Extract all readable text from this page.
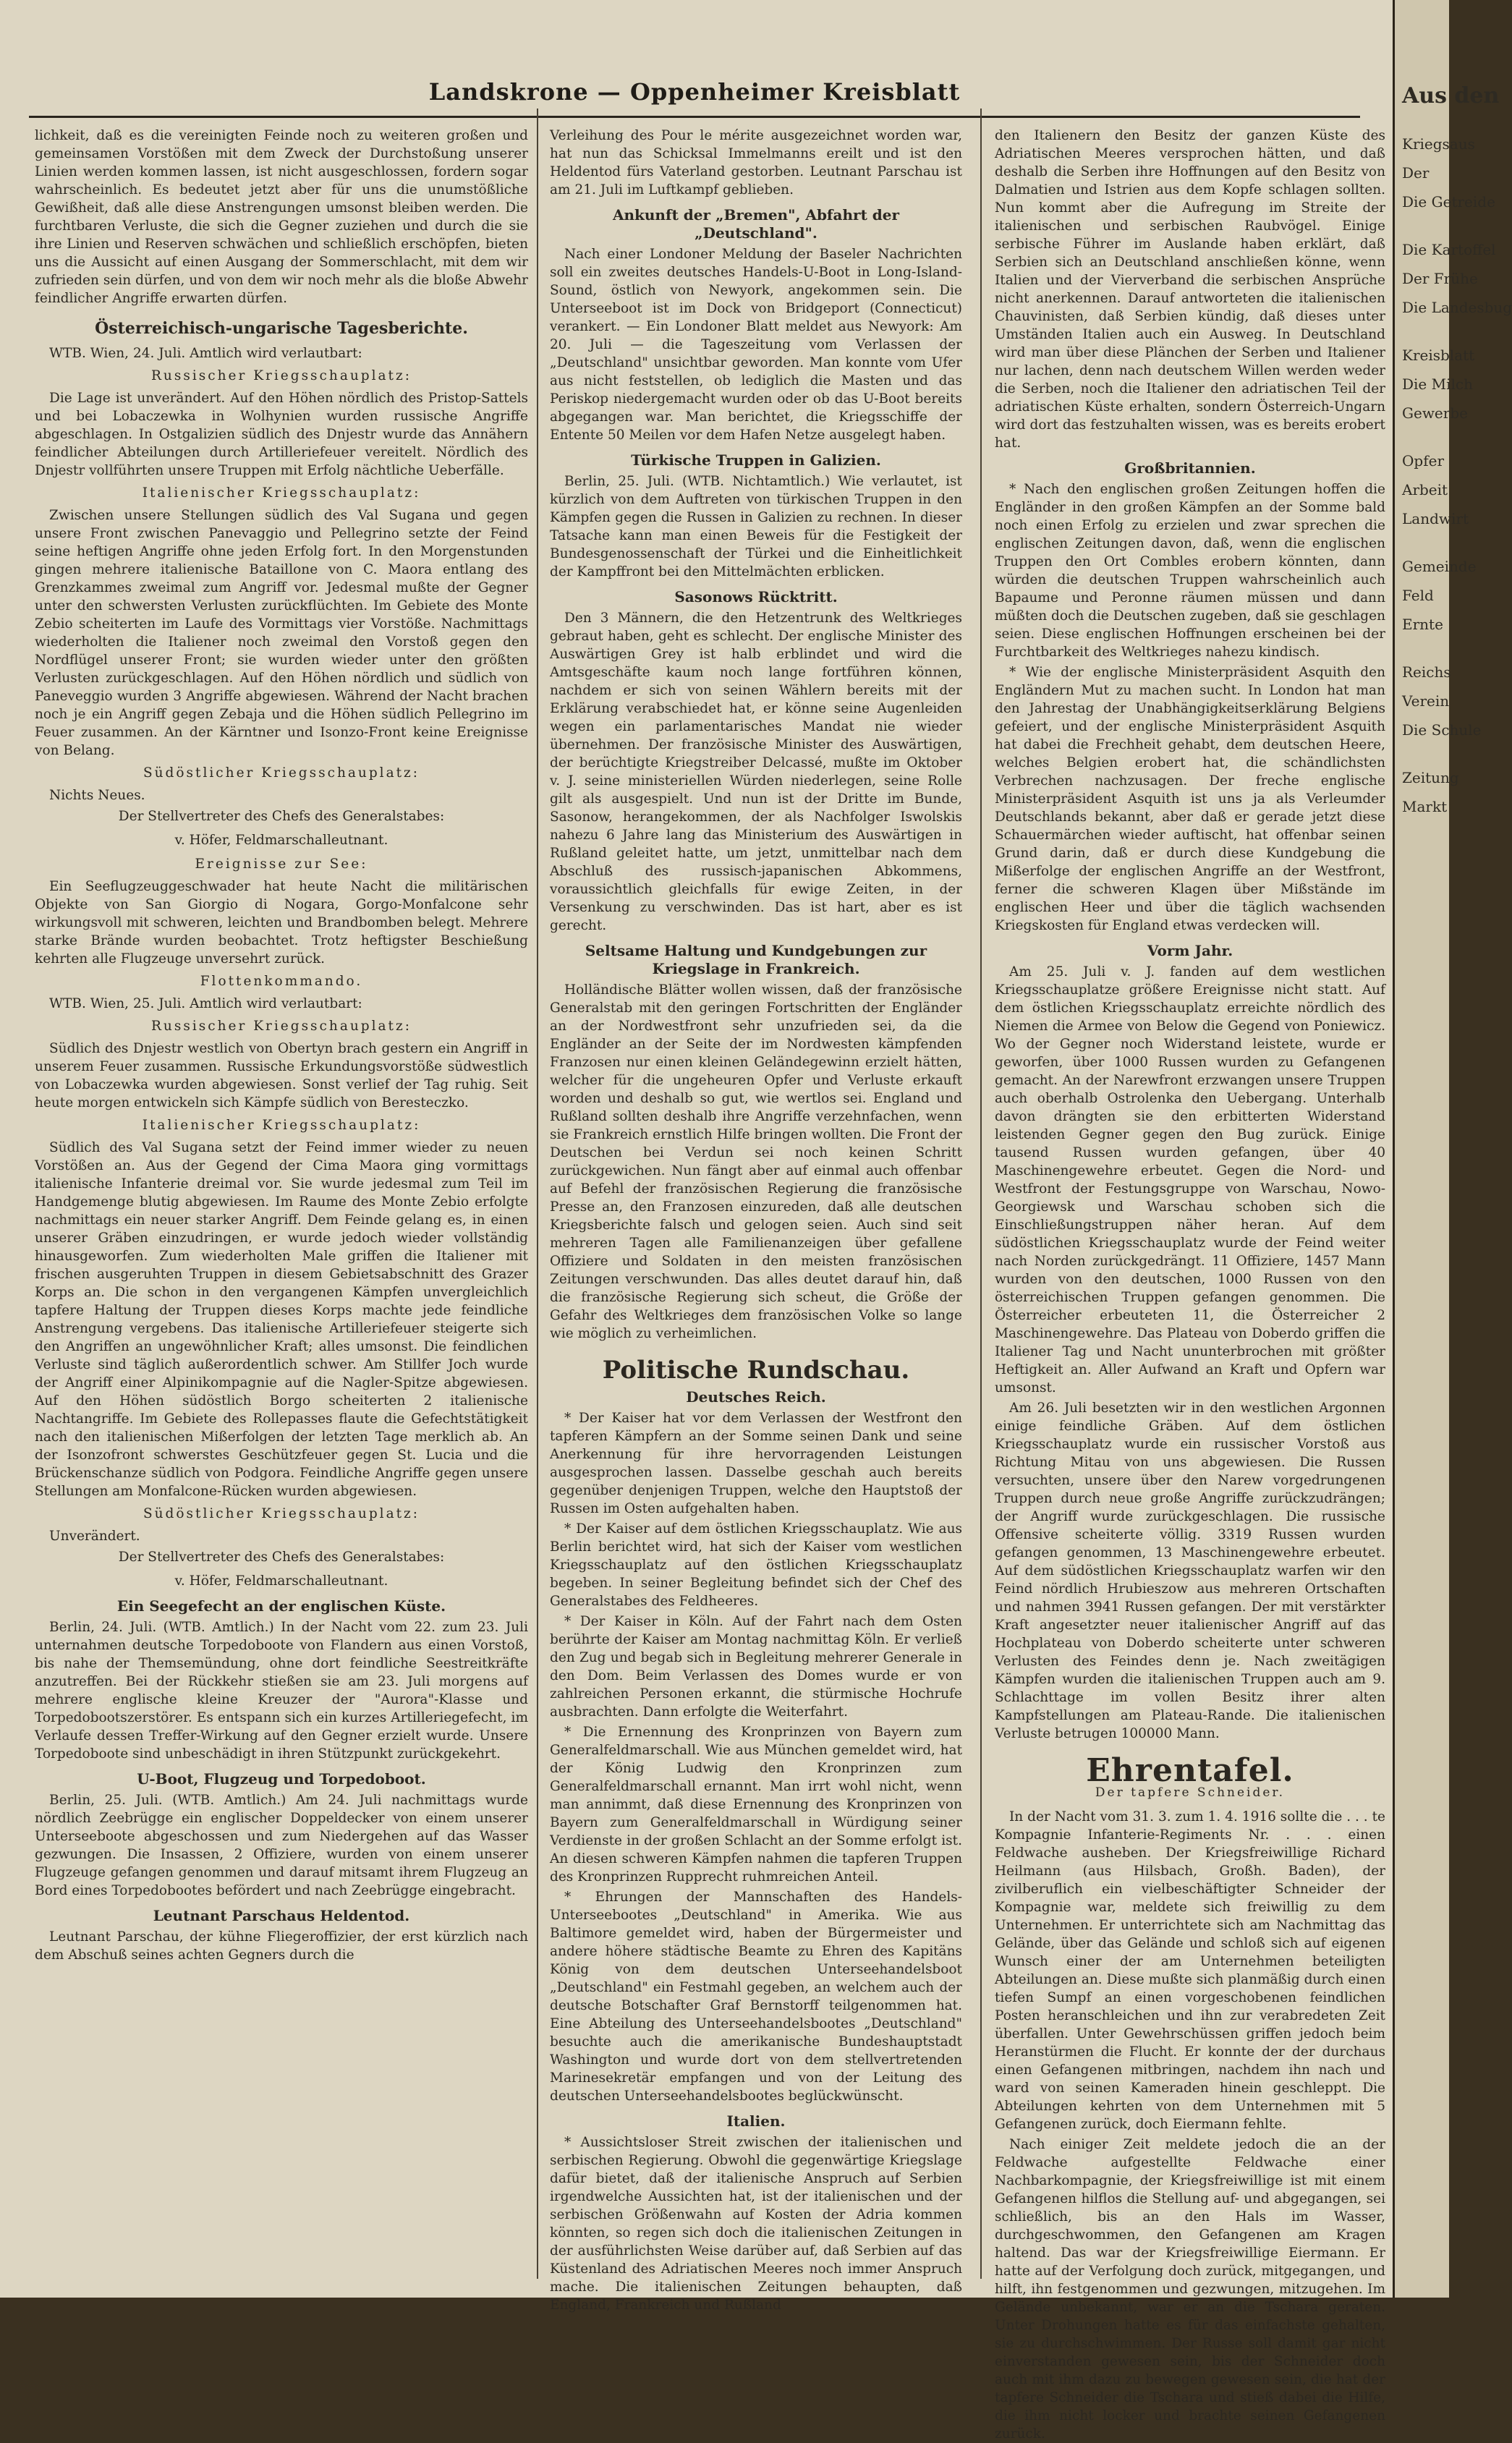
Landskrone — Oppenheimer Kreisblatt

lichkeit, daß es die vereinigten Feinde noch zu weiteren großen und gemeinsamen Vorstößen mit dem Zweck der Durchstoßung unserer Linien werden kommen lassen, ist nicht ausgeschlossen, fordern sogar wahrscheinlich. Es bedeutet jetzt aber für uns die unumstößliche Gewißheit, daß alle diese Anstrengungen umsonst bleiben werden. Die furchtbaren Verluste, die sich die Gegner zuziehen und durch die sie ihre Linien und Reserven schwächen und schließlich erschöpfen, bieten uns die Aussicht auf einen Ausgang der Sommerschlacht, mit dem wir zufrieden sein dürfen, und von dem wir noch mehr als die bloße Abwehr feindlicher Angriffe erwarten dürfen.

Österreichisch-ungarische Tagesberichte.

WTB. Wien, 24. Juli. Amtlich wird verlautbart:

Russischer Kriegsschauplatz:

Die Lage ist unverändert. Auf den Höhen nördlich des Pristop-Sattels und bei Lobaczewka in Wolhynien wurden russische Angriffe abgeschlagen. In Ostgalizien südlich des Dnjestr wurde das Annähern feindlicher Abteilungen durch Artilleriefeuer vereitelt. Nördlich des Dnjestr vollführten unsere Truppen mit Erfolg nächtliche Ueberfälle.

Italienischer Kriegsschauplatz:

Zwischen unsere Stellungen südlich des Val Sugana und gegen unsere Front zwischen Panevaggio und Pellegrino setzte der Feind seine heftigen Angriffe ohne jeden Erfolg fort. In den Morgenstunden gingen mehrere italienische Bataillone von C. Maora entlang des Grenzkammes zweimal zum Angriff vor. Jedesmal mußte der Gegner unter den schwersten Verlusten zurückflüchten. Im Gebiete des Monte Zebio scheiterten im Laufe des Vormittags vier Vorstöße. Nachmittags wiederholten die Italiener noch zweimal den Vorstoß gegen den Nordflügel unserer Front; sie wurden wieder unter den größten Verlusten zurückgeschlagen. Auf den Höhen nördlich und südlich von Paneveggio wurden 3 Angriffe abgewiesen. Während der Nacht brachen noch je ein Angriff gegen Zebaja und die Höhen südlich Pellegrino im Feuer zusammen. An der Kärntner und Isonzo-Front keine Ereignisse von Belang.

Südöstlicher Kriegsschauplatz:

Nichts Neues.

Der Stellvertreter des Chefs des Generalstabes:
v. Höfer, Feldmarschalleutnant.
Ereignisse zur See:

Ein Seeflugzeuggeschwader hat heute Nacht die militärischen Objekte von San Giorgio di Nogara, Gorgo-Monfalcone sehr wirkungsvoll mit schweren, leichten und Brandbomben belegt. Mehrere starke Brände wurden beobachtet. Trotz heftigster Beschießung kehrten alle Flugzeuge unversehrt zurück.

Flottenkommando.

WTB. Wien, 25. Juli. Amtlich wird verlautbart:

Russischer Kriegsschauplatz:

Südlich des Dnjestr westlich von Obertyn brach gestern ein Angriff in unserem Feuer zusammen. Russische Erkundungsvorstöße südwestlich von Lobaczewka wurden abgewiesen. Sonst verlief der Tag ruhig. Seit heute morgen entwickeln sich Kämpfe südlich von Beresteczko.

Italienischer Kriegsschauplatz:

Südlich des Val Sugana setzt der Feind immer wieder zu neuen Vorstößen an. Aus der Gegend der Cima Maora ging vormittags italienische Infanterie dreimal vor. Sie wurde jedesmal zum Teil im Handgemenge blutig abgewiesen. Im Raume des Monte Zebio erfolgte nachmittags ein neuer starker Angriff. Dem Feinde gelang es, in einen unserer Gräben einzudringen, er wurde jedoch wieder vollständig hinausgeworfen. Zum wiederholten Male griffen die Italiener mit frischen ausgeruhten Truppen in diesem Gebietsabschnitt des Grazer Korps an. Die schon in den vergangenen Kämpfen unvergleichlich tapfere Haltung der Truppen dieses Korps machte jede feindliche Anstrengung vergebens. Das italienische Artilleriefeuer steigerte sich den Angriffen an ungewöhnlicher Kraft; alles umsonst. Die feindlichen Verluste sind täglich außerordentlich schwer. Am Stillfer Joch wurde der Angriff einer Alpinikompagnie auf die Nagler-Spitze abgewiesen. Auf den Höhen südöstlich Borgo scheiterten 2 italienische Nachtangriffe. Im Gebiete des Rollepasses flaute die Gefechtstätigkeit nach den italienischen Mißerfolgen der letzten Tage merklich ab. An der Isonzofront schwerstes Geschützfeuer gegen St. Lucia und die Brückenschanze südlich von Podgora. Feindliche Angriffe gegen unsere Stellungen am Monfalcone-Rücken wurden abgewiesen.

Südöstlicher Kriegsschauplatz:

Unverändert.

Der Stellvertreter des Chefs des Generalstabes:
v. Höfer, Feldmarschalleutnant.
Ein Seegefecht an der englischen Küste.

Berlin, 24. Juli. (WTB. Amtlich.) In der Nacht vom 22. zum 23. Juli unternahmen deutsche Torpedoboote von Flandern aus einen Vorstoß, bis nahe der Themsemündung, ohne dort feindliche Seestreitkräfte anzutreffen. Bei der Rückkehr stießen sie am 23. Juli morgens auf mehrere englische kleine Kreuzer der "Aurora"-Klasse und Torpedobootszerstörer. Es entspann sich ein kurzes Artilleriegefecht, im Verlaufe dessen Treffer-Wirkung auf den Gegner erzielt wurde. Unsere Torpedoboote sind unbeschädigt in ihren Stützpunkt zurückgekehrt.

U-Boot, Flugzeug und Torpedoboot.

Berlin, 25. Juli. (WTB. Amtlich.) Am 24. Juli nachmittags wurde nördlich Zeebrügge ein englischer Doppeldecker von einem unserer Unterseeboote abgeschossen und zum Niedergehen auf das Wasser gezwungen. Die Insassen, 2 Offiziere, wurden von einem unserer Flugzeuge gefangen genommen und darauf mitsamt ihrem Flugzeug an Bord eines Torpedobootes befördert und nach Zeebrügge eingebracht.

Leutnant Parschaus Heldentod.

Leutnant Parschau, der kühne Fliegeroffizier, der erst kürzlich nach dem Abschuß seines achten Gegners durch die

Verleihung des Pour le mérite ausgezeichnet worden war, hat nun das Schicksal Immelmanns ereilt und ist den Heldentod fürs Vaterland gestorben. Leutnant Parschau ist am 21. Juli im Luftkampf geblieben.

Ankunft der „Bremen", Abfahrt der „Deutschland".

Nach einer Londoner Meldung der Baseler Nachrichten soll ein zweites deutsches Handels-U-Boot in Long-Island-Sound, östlich von Newyork, angekommen sein. Die Unterseeboot ist im Dock von Bridgeport (Connecticut) verankert. — Ein Londoner Blatt meldet aus Newyork: Am 20. Juli — die Tageszeitung vom Verlassen der „Deutschland" unsichtbar geworden. Man konnte vom Ufer aus nicht feststellen, ob lediglich die Masten und das Periskop niedergemacht wurden oder ob das U-Boot bereits abgegangen war. Man berichtet, die Kriegsschiffe der Entente 50 Meilen vor dem Hafen Netze ausgelegt haben.

Türkische Truppen in Galizien.

Berlin, 25. Juli. (WTB. Nichtamtlich.) Wie verlautet, ist kürzlich von dem Auftreten von türkischen Truppen in den Kämpfen gegen die Russen in Galizien zu rechnen. In dieser Tatsache kann man einen Beweis für die Festigkeit der Bundesgenossenschaft der Türkei und die Einheitlichkeit der Kampffront bei den Mittelmächten erblicken.

Sasonows Rücktritt.

Den 3 Männern, die den Hetzentrunk des Weltkrieges gebraut haben, geht es schlecht. Der englische Minister des Auswärtigen Grey ist halb erblindet und wird die Amtsgeschäfte kaum noch lange fortführen können, nachdem er sich von seinen Wählern bereits mit der Erklärung verabschiedet hat, er könne seine Augenleiden wegen ein parlamentarisches Mandat nie wieder übernehmen. Der französische Minister des Auswärtigen, der berüchtigte Kriegstreiber Delcassé, mußte im Oktober v. J. seine ministeriellen Würden niederlegen, seine Rolle gilt als ausgespielt. Und nun ist der Dritte im Bunde, Sasonow, herangekommen, der als Nachfolger Iswolskis nahezu 6 Jahre lang das Ministerium des Auswärtigen in Rußland geleitet hatte, um jetzt, unmittelbar nach dem Abschluß des russisch-japanischen Abkommens, voraussichtlich gleichfalls für ewige Zeiten, in der Versenkung zu verschwinden. Das ist hart, aber es ist gerecht.

Seltsame Haltung und Kundgebungen zur Kriegslage in Frankreich.

Holländische Blätter wollen wissen, daß der französische Generalstab mit den geringen Fortschritten der Engländer an der Nordwestfront sehr unzufrieden sei, da die Engländer an der Seite der im Nordwesten kämpfenden Franzosen nur einen kleinen Geländegewinn erzielt hätten, welcher für die ungeheuren Opfer und Verluste erkauft worden und deshalb so gut, wie wertlos sei. England und Rußland sollten deshalb ihre Angriffe verzehnfachen, wenn sie Frankreich ernstlich Hilfe bringen wollten. Die Front der Deutschen bei Verdun sei noch keinen Schritt zurückgewichen. Nun fängt aber auf einmal auch offenbar auf Befehl der französischen Regierung die französische Presse an, den Franzosen einzureden, daß alle deutschen Kriegsberichte falsch und gelogen seien. Auch sind seit mehreren Tagen alle Familienanzeigen über gefallene Offiziere und Soldaten in den meisten französischen Zeitungen verschwunden. Das alles deutet darauf hin, daß die französische Regierung sich scheut, die Größe der Gefahr des Weltkrieges dem französischen Volke so lange wie möglich zu verheimlichen.

Politische Rundschau.
Deutsches Reich.

* Der Kaiser hat vor dem Verlassen der Westfront den tapferen Kämpfern an der Somme seinen Dank und seine Anerkennung für ihre hervorragenden Leistungen ausgesprochen lassen. Dasselbe geschah auch bereits gegenüber denjenigen Truppen, welche den Hauptstoß der Russen im Osten aufgehalten haben.

* Der Kaiser auf dem östlichen Kriegsschauplatz. Wie aus Berlin berichtet wird, hat sich der Kaiser vom westlichen Kriegsschauplatz auf den östlichen Kriegsschauplatz begeben. In seiner Begleitung befindet sich der Chef des Generalstabes des Feldheeres.

* Der Kaiser in Köln. Auf der Fahrt nach dem Osten berührte der Kaiser am Montag nachmittag Köln. Er verließ den Zug und begab sich in Begleitung mehrerer Generale in den Dom. Beim Verlassen des Domes wurde er von zahlreichen Personen erkannt, die stürmische Hochrufe ausbrachten. Dann erfolgte die Weiterfahrt.

* Die Ernennung des Kronprinzen von Bayern zum Generalfeldmarschall. Wie aus München gemeldet wird, hat der König Ludwig den Kronprinzen zum Generalfeldmarschall ernannt. Man irrt wohl nicht, wenn man annimmt, daß diese Ernennung des Kronprinzen von Bayern zum Generalfeldmarschall in Würdigung seiner Verdienste in der großen Schlacht an der Somme erfolgt ist. An diesen schweren Kämpfen nahmen die tapferen Truppen des Kronprinzen Rupprecht ruhmreichen Anteil.

* Ehrungen der Mannschaften des Handels-Unterseebootes „Deutschland" in Amerika. Wie aus Baltimore gemeldet wird, haben der Bürgermeister und andere höhere städtische Beamte zu Ehren des Kapitäns König von dem deutschen Unterseehandelsboot „Deutschland" ein Festmahl gegeben, an welchem auch der deutsche Botschafter Graf Bernstorff teilgenommen hat. Eine Abteilung des Unterseehandelsbootes „Deutschland" besuchte auch die amerikanische Bundeshauptstadt Washington und wurde dort von dem stellvertretenden Marinesekretär empfangen und von der Leitung des deutschen Unterseehandelsbootes beglückwünscht.

Italien.

* Aussichtsloser Streit zwischen der italienischen und serbischen Regierung. Obwohl die gegenwärtige Kriegslage dafür bietet, daß der italienische Anspruch auf Serbien irgendwelche Aussichten hat, ist der italienischen und der serbischen Größenwahn auf Kosten der Adria kommen könnten, so regen sich doch die italienischen Zeitungen in der ausführlichsten Weise darüber auf, daß Serbien auf das Küstenland des Adriatischen Meeres noch immer Anspruch mache. Die italienischen Zeitungen behaupten, daß England, Frankreich und Rußland

den Italienern den Besitz der ganzen Küste des Adriatischen Meeres versprochen hätten, und daß deshalb die Serben ihre Hoffnungen auf den Besitz von Dalmatien und Istrien aus dem Kopfe schlagen sollten. Nun kommt aber die Aufregung im Streite der italienischen und serbischen Raubvögel. Einige serbische Führer im Auslande haben erklärt, daß Serbien sich an Deutschland anschließen könne, wenn Italien und der Vierverband die serbischen Ansprüche nicht anerkennen. Darauf antworteten die italienischen Chauvinisten, daß Serbien kündig, daß dieses unter Umständen Italien auch ein Ausweg. In Deutschland wird man über diese Plänchen der Serben und Italiener nur lachen, denn nach deutschem Willen werden weder die Serben, noch die Italiener den adriatischen Teil der adriatischen Küste erhalten, sondern Österreich-Ungarn wird dort das festzuhalten wissen, was es bereits erobert hat.

Großbritannien.

* Nach den englischen großen Zeitungen hoffen die Engländer in den großen Kämpfen an der Somme bald noch einen Erfolg zu erzielen und zwar sprechen die englischen Zeitungen davon, daß, wenn die englischen Truppen den Ort Combles erobern könnten, dann würden die deutschen Truppen wahrscheinlich auch Bapaume und Peronne räumen müssen und dann müßten doch die Deutschen zugeben, daß sie geschlagen seien. Diese englischen Hoffnungen erscheinen bei der Furchtbarkeit des Weltkrieges nahezu kindisch.

* Wie der englische Ministerpräsident Asquith den Engländern Mut zu machen sucht. In London hat man den Jahrestag der Unabhängigkeitserklärung Belgiens gefeiert, und der englische Ministerpräsident Asquith hat dabei die Frechheit gehabt, dem deutschen Heere, welches Belgien erobert hat, die schändlichsten Verbrechen nachzusagen. Der freche englische Ministerpräsident Asquith ist uns ja als Verleumder Deutschlands bekannt, aber daß er gerade jetzt diese Schauermärchen wieder auftischt, hat offenbar seinen Grund darin, daß er durch diese Kundgebung die Mißerfolge der englischen Angriffe an der Westfront, ferner die schweren Klagen über Mißstände im englischen Heer und über die täglich wachsenden Kriegskosten für England etwas verdecken will.

Vorm Jahr.

Am 25. Juli v. J. fanden auf dem westlichen Kriegsschauplatze größere Ereignisse nicht statt. Auf dem östlichen Kriegsschauplatz erreichte nördlich des Niemen die Armee von Below die Gegend von Poniewicz. Wo der Gegner noch Widerstand leistete, wurde er geworfen, über 1000 Russen wurden zu Gefangenen gemacht. An der Narewfront erzwangen unsere Truppen auch oberhalb Ostrolenka den Uebergang. Unterhalb davon drängten sie den erbitterten Widerstand leistenden Gegner gegen den Bug zurück. Einige tausend Russen wurden gefangen, über 40 Maschinengewehre erbeutet. Gegen die Nord- und Westfront der Festungsgruppe von Warschau, Nowo-Georgiewsk und Warschau schoben sich die Einschließungstruppen näher heran. Auf dem südöstlichen Kriegsschauplatz wurde der Feind weiter nach Norden zurückgedrängt. 11 Offiziere, 1457 Mann wurden von den deutschen, 1000 Russen von den österreichischen Truppen gefangen genommen. Die Österreicher erbeuteten 11, die Österreicher 2 Maschinengewehre. Das Plateau von Doberdo griffen die Italiener Tag und Nacht ununterbrochen mit größter Heftigkeit an. Aller Aufwand an Kraft und Opfern war umsonst.

Am 26. Juli besetzten wir in den westlichen Argonnen einige feindliche Gräben. Auf dem östlichen Kriegsschauplatz wurde ein russischer Vorstoß aus Richtung Mitau von uns abgewiesen. Die Russen versuchten, unsere über den Narew vorgedrungenen Truppen durch neue große Angriffe zurückzudrängen; der Angriff wurde zurückgeschlagen. Die russische Offensive scheiterte völlig. 3319 Russen wurden gefangen genommen, 13 Maschinengewehre erbeutet. Auf dem südöstlichen Kriegsschauplatz warfen wir den Feind nördlich Hrubieszow aus mehreren Ortschaften und nahmen 3941 Russen gefangen. Der mit verstärkter Kraft angesetzter neuer italienischer Angriff auf das Hochplateau von Doberdo scheiterte unter schweren Verlusten des Feindes denn je. Nach zweitägigen Kämpfen wurden die italienischen Truppen auch am 9. Schlachttage im vollen Besitz ihrer alten Kampfstellungen am Plateau-Rande. Die italienischen Verluste betrugen 100000 Mann.

Ehrentafel.
Der tapfere Schneider.

In der Nacht vom 31. 3. zum 1. 4. 1916 sollte die . . . te Kompagnie Infanterie-Regiments Nr. . . . einen Feldwache ausheben. Der Kriegsfreiwillige Richard Heilmann (aus Hilsbach, Großh. Baden), der zivilberuflich ein vielbeschäftigter Schneider der Kompagnie war, meldete sich freiwillig zu dem Unternehmen. Er unterrichtete sich am Nachmittag das Gelände, über das Gelände und schloß sich auf eigenen Wunsch einer der am Unternehmen beteiligten Abteilungen an. Diese mußte sich planmäßig durch einen tiefen Sumpf an einen vorgeschobenen feindlichen Posten heranschleichen und ihn zur verabredeten Zeit überfallen. Unter Gewehrschüssen griffen jedoch beim Heranstürmen die Flucht. Er konnte der der durchaus einen Gefangenen mitbringen, nachdem ihn nach und ward von seinen Kameraden hinein geschleppt. Die Abteilungen kehrten von dem Unternehmen mit 5 Gefangenen zurück, doch Eiermann fehlte.

Nach einiger Zeit meldete jedoch die an der Feldwache aufgestellte Feldwache einer Nachbarkompagnie, der Kriegsfreiwillige ist mit einem Gefangenen hilflos die Stellung auf- und abgegangen, sei schließlich, bis an den Hals im Wasser, durchgeschwommen, den Gefangenen am Kragen haltend. Das war der Kriegsfreiwillige Eiermann. Er hatte auf der Verfolgung doch zurück, mitgegangen, und hilft, ihn festgenommen und gezwungen, mitzugehen. Im Gelände unbekannt, war er an die Tschara geraten. Unter Drohungen hatte es für das einfachste gehalten, sie zu durchschwimmen. Der Russe soll damit gar nicht einverstanden gewesen sein, bis der Schneider doch auch mit ihm dazu zu bewegen gewesen sein, die hat der tapfere Schneider die Tschara und stieß dabei die Hilfe, die ihm nicht locker und brachte seinen Gefangenen zurück.

Aus den
Kriegsaus
Der
Die Getreide
Die Kartoffel
Der Frühe
Die Landesbug
Kreisblatt
Die Milch
Gewerbe
Opfer
Arbeit
Landwirt
Gemeinde
Feld
Ernte
Reichs
Verein
Die Schule
Zeitung
Markt
